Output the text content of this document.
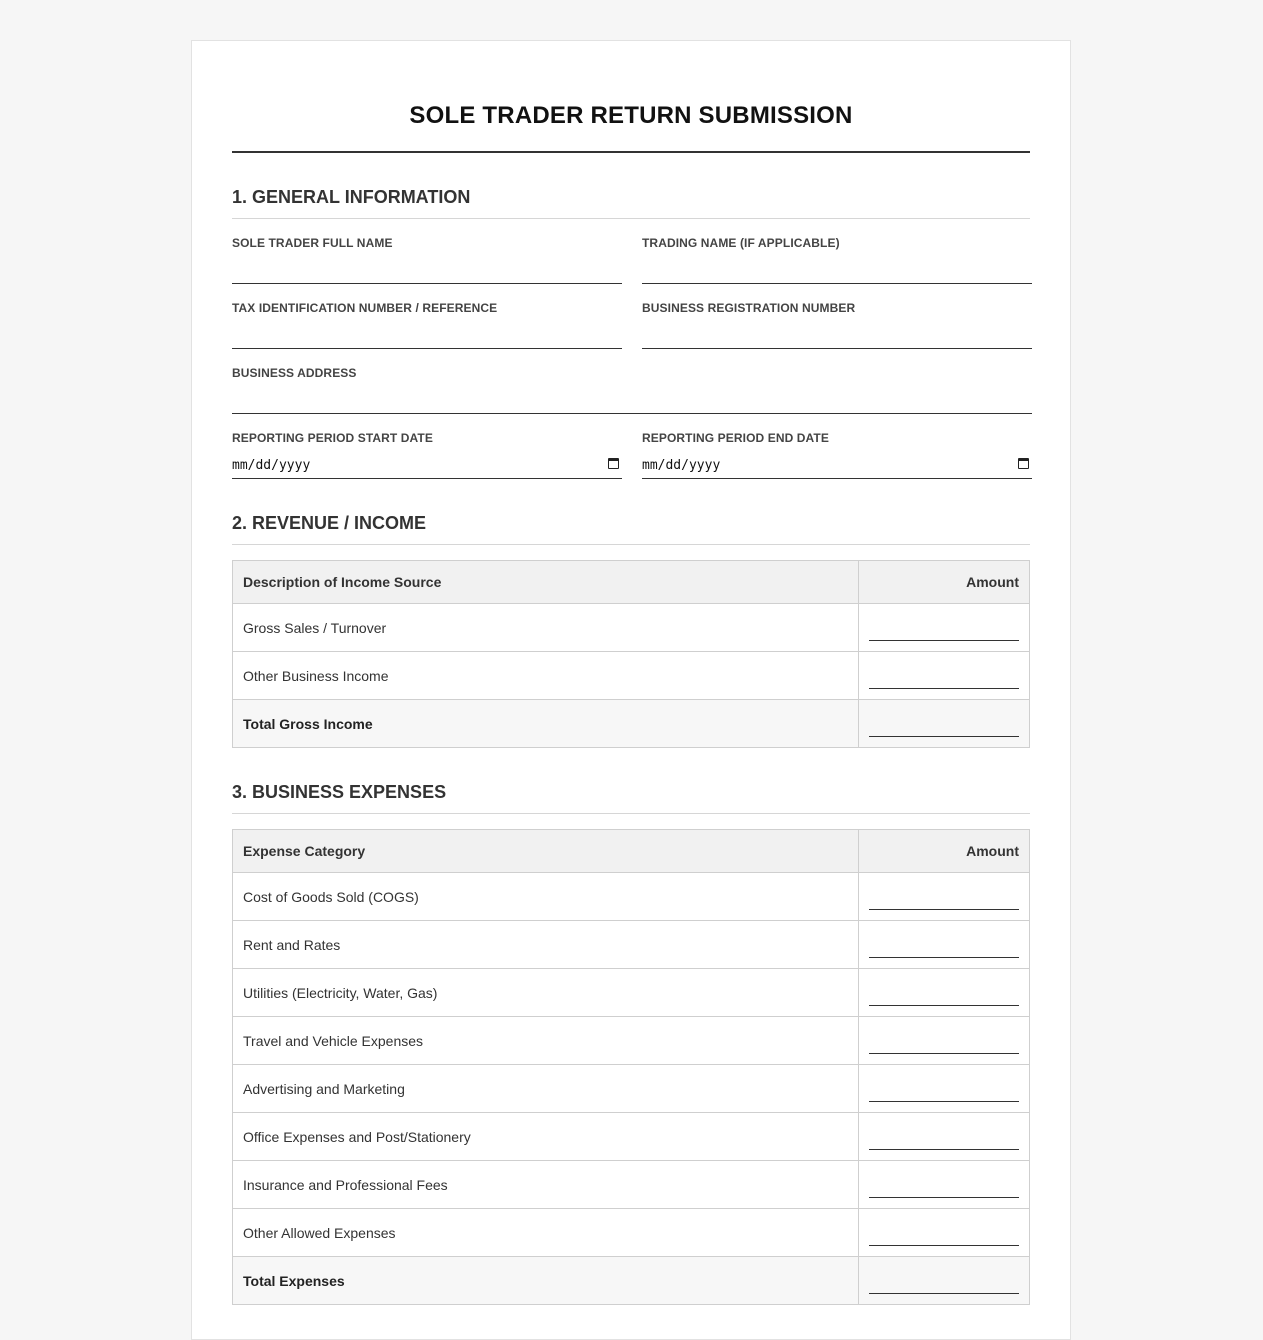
SOLE TRADER RETURN SUBMISSION
1. GENERAL INFORMATION
SOLE TRADER FULL NAME	TRADING NAME (IF APPLICABLE)
TAX IDENTIFICATION NUMBER / REFERENCE	BUSINESS REGISTRATION NUMBER
BUSINESS ADDRESS
REPORTING PERIOD START DATE
mm/dd/yyyy
REPORTING PERIOD END DATE
mm/dd/yyyy
2. REVENUE / INCOME
Description of Income Source	Amount
Gross Sales / Turnover	

Other Business Income	

Total Gross Income	
3. BUSINESS EXPENSES
Expense Category	Amount
Cost of Goods Sold (COGS)	

Rent and Rates	

Utilities (Electricity, Water, Gas)	

Travel and Vehicle Expenses	

Advertising and Marketing	

Office Expenses and Post/Stationery	

Insurance and Professional Fees	

Other Allowed Expenses	

Total Expenses	
